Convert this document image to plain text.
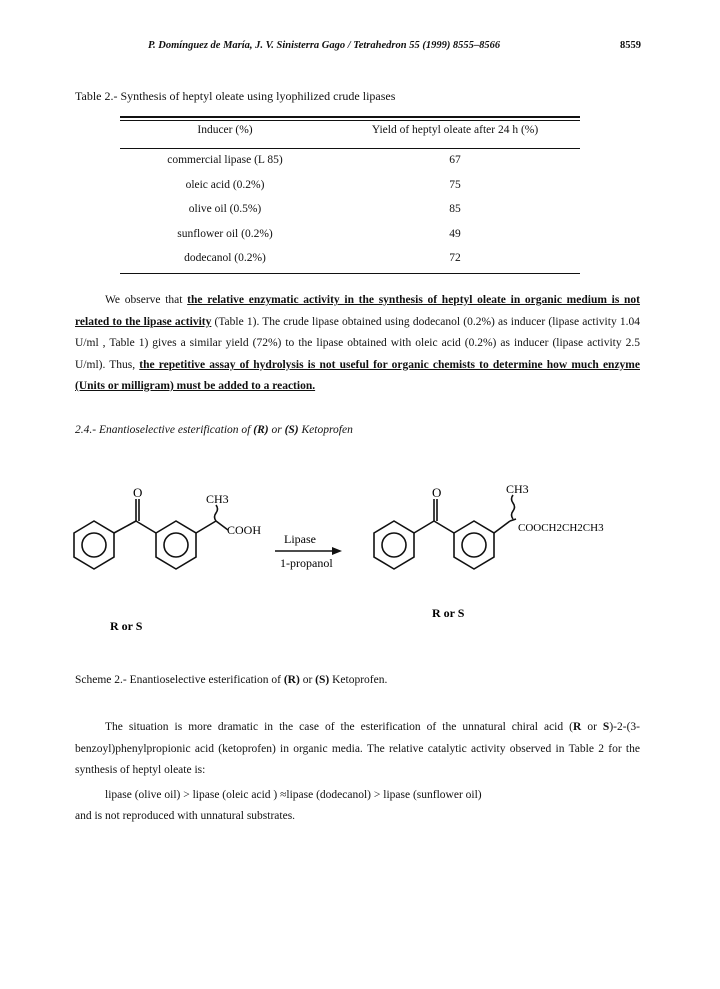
P. Domínguez de María, J. V. Sinisterra Gago / Tetrahedron 55 (1999) 8555–8566	8559
Table 2.- Synthesis of heptyl oleate using lyophilized crude lipases
Inducer (%)	Yield of heptyl oleate after 24 h (%)

commercial lipase (L 85)	67
oleic acid (0.2%)	75
olive oil (0.5%)	85
sunflower oil (0.2%)	49
dodecanol (0.2%)	72
We observe that the relative enzymatic activity in the synthesis of heptyl oleate in organic medium is not related to the lipase activity (Table 1). The crude lipase obtained using dodecanol (0.2%) as inducer (lipase activity 1.04 U/ml , Table 1) gives a similar yield (72%) to the lipase obtained with oleic acid (0.2%) as inducer (lipase activity 2.5 U/ml). Thus, the repetitive assay of hydrolysis is not useful for organic chemists to determine how much enzyme (Units or milligram) must be added to a reaction.
2.4.- Enantioselective esterification of (R) or (S) Ketoprofen
O	CH3
COOH
Lipase
1-propanol
O	CH3
COOCH2CH2CH3
R or S
R or S
Scheme 2.- Enantioselective esterification of (R) or (S) Ketoprofen.
The situation is more dramatic in the case of the esterification of the unnatural chiral acid (R or S)-2-(3-benzoyl)phenylpropionic acid (ketoprofen) in organic media. The relative catalytic activity observed in Table 2 for the synthesis of heptyl oleate is:
lipase (olive oil) > lipase (oleic acid ) ≈lipase (dodecanol) > lipase (sunflower oil)
and is not reproduced with unnatural substrates.
